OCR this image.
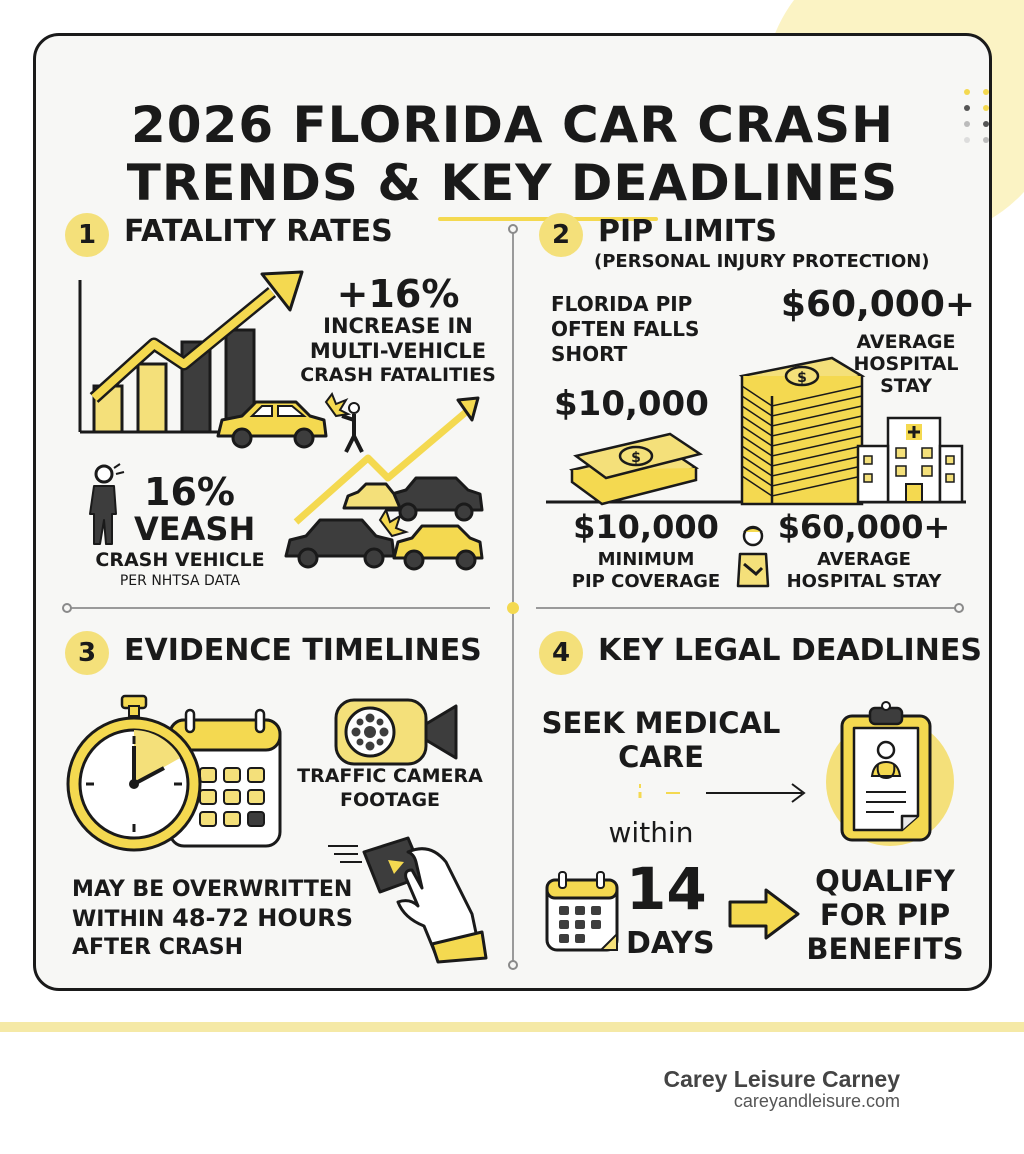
2026 FLORIDA CAR CRASH
TRENDS & KEY DEADLINES
1 FATALITY RATES
+16%
INCREASE IN
MULTI-VEHICLE
CRASH FATALITIES
16%
VEASH
CRASH VEHICLE
PER NHTSA DATA
2 PIP LIMITS
(PERSONAL INJURY PROTECTION)
FLORIDA PIP
OFTEN FALLS
SHORT
$60,000+
AVERAGE
HOSPITAL
STAY
$10,000
$
$
$10,000
MINIMUM
PIP COVERAGE
$60,000+
AVERAGE
HOSPITAL STAY
3 EVIDENCE TIMELINES
TRAFFIC CAMERA
FOOTAGE
MAY BE OVERWRITTEN
WITHIN 48-72 HOURS
AFTER CRASH
4 KEY LEGAL DEADLINES
SEEK MEDICAL
CARE
within
14
DAYS
QUALIFY
FOR PIP
BENEFITS
Carey Leisure Carney
careyandleisure.com
